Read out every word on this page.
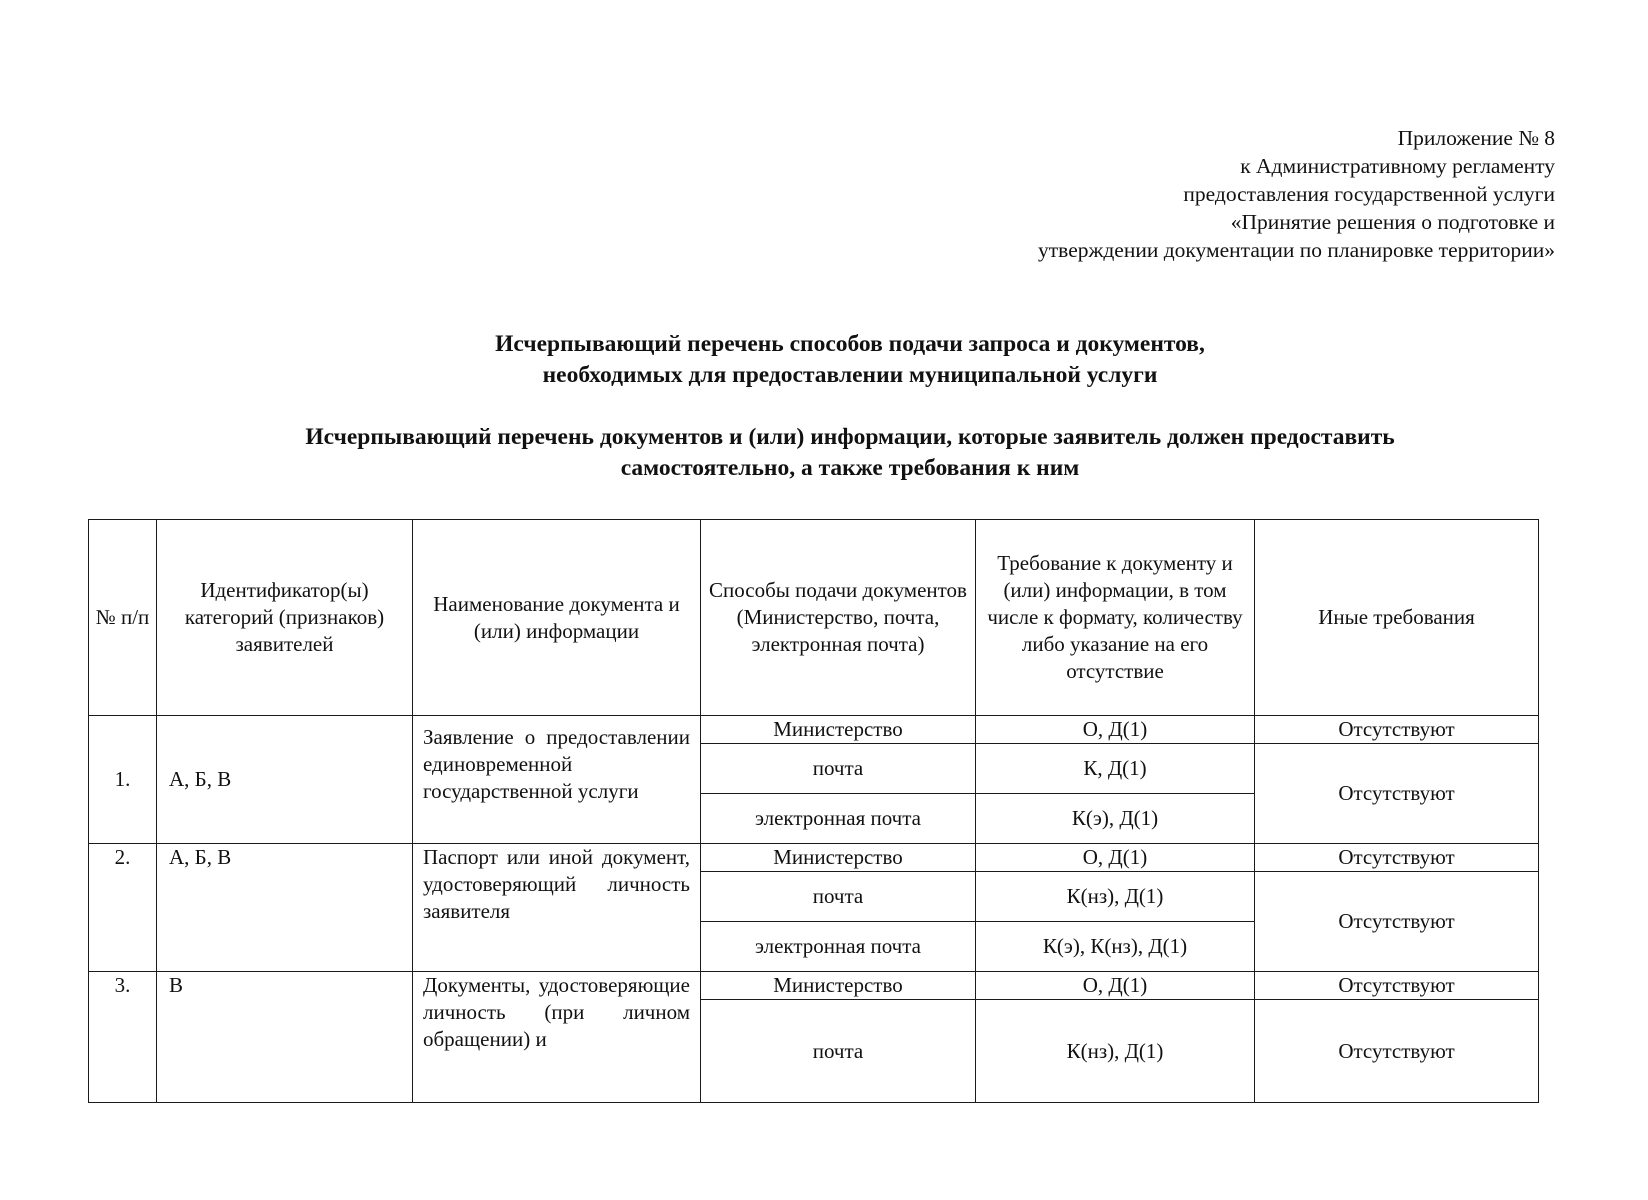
Приложение № 8
к Административному регламенту
предоставления государственной услуги
«Принятие решения о подготовке и
утверждении документации по планировке территории»
Исчерпывающий перечень способов подачи запроса и документов,
необходимых для предоставлении муниципальной услуги
Исчерпывающий перечень документов и (или) информации, которые заявитель должен предоставить
самостоятельно, а также требования к ним
№ п/п	Идентификатор(ы) категорий (признаков) заявителей	Наименование документа и (или) информации	Способы подачи документов (Министерство, почта, электронная почта)	Требование к документу и (или) информации, в том числе к формату, количеству либо указание на его отсутствие	Иные требования
1.	А, Б, В	Заявление о предоставлении единовременной государственной услуги	Министерство	О, Д(1)	Отсутствуют
			почта	К, Д(1)	Отсутствуют
			электронная почта	К(э), Д(1)	
2.	А, Б, В	Паспорт или иной документ, удостоверяющий личность заявителя	Министерство	О, Д(1)	Отсутствуют
			почта	К(нз), Д(1)	Отсутствуют
			электронная почта	К(э), К(нз), Д(1)	
3.	В	Документы, удостоверяющие личность (при личном обращении) и	Министерство	О, Д(1)	Отсутствуют
			почта	К(нз), Д(1)	Отсутствуют
